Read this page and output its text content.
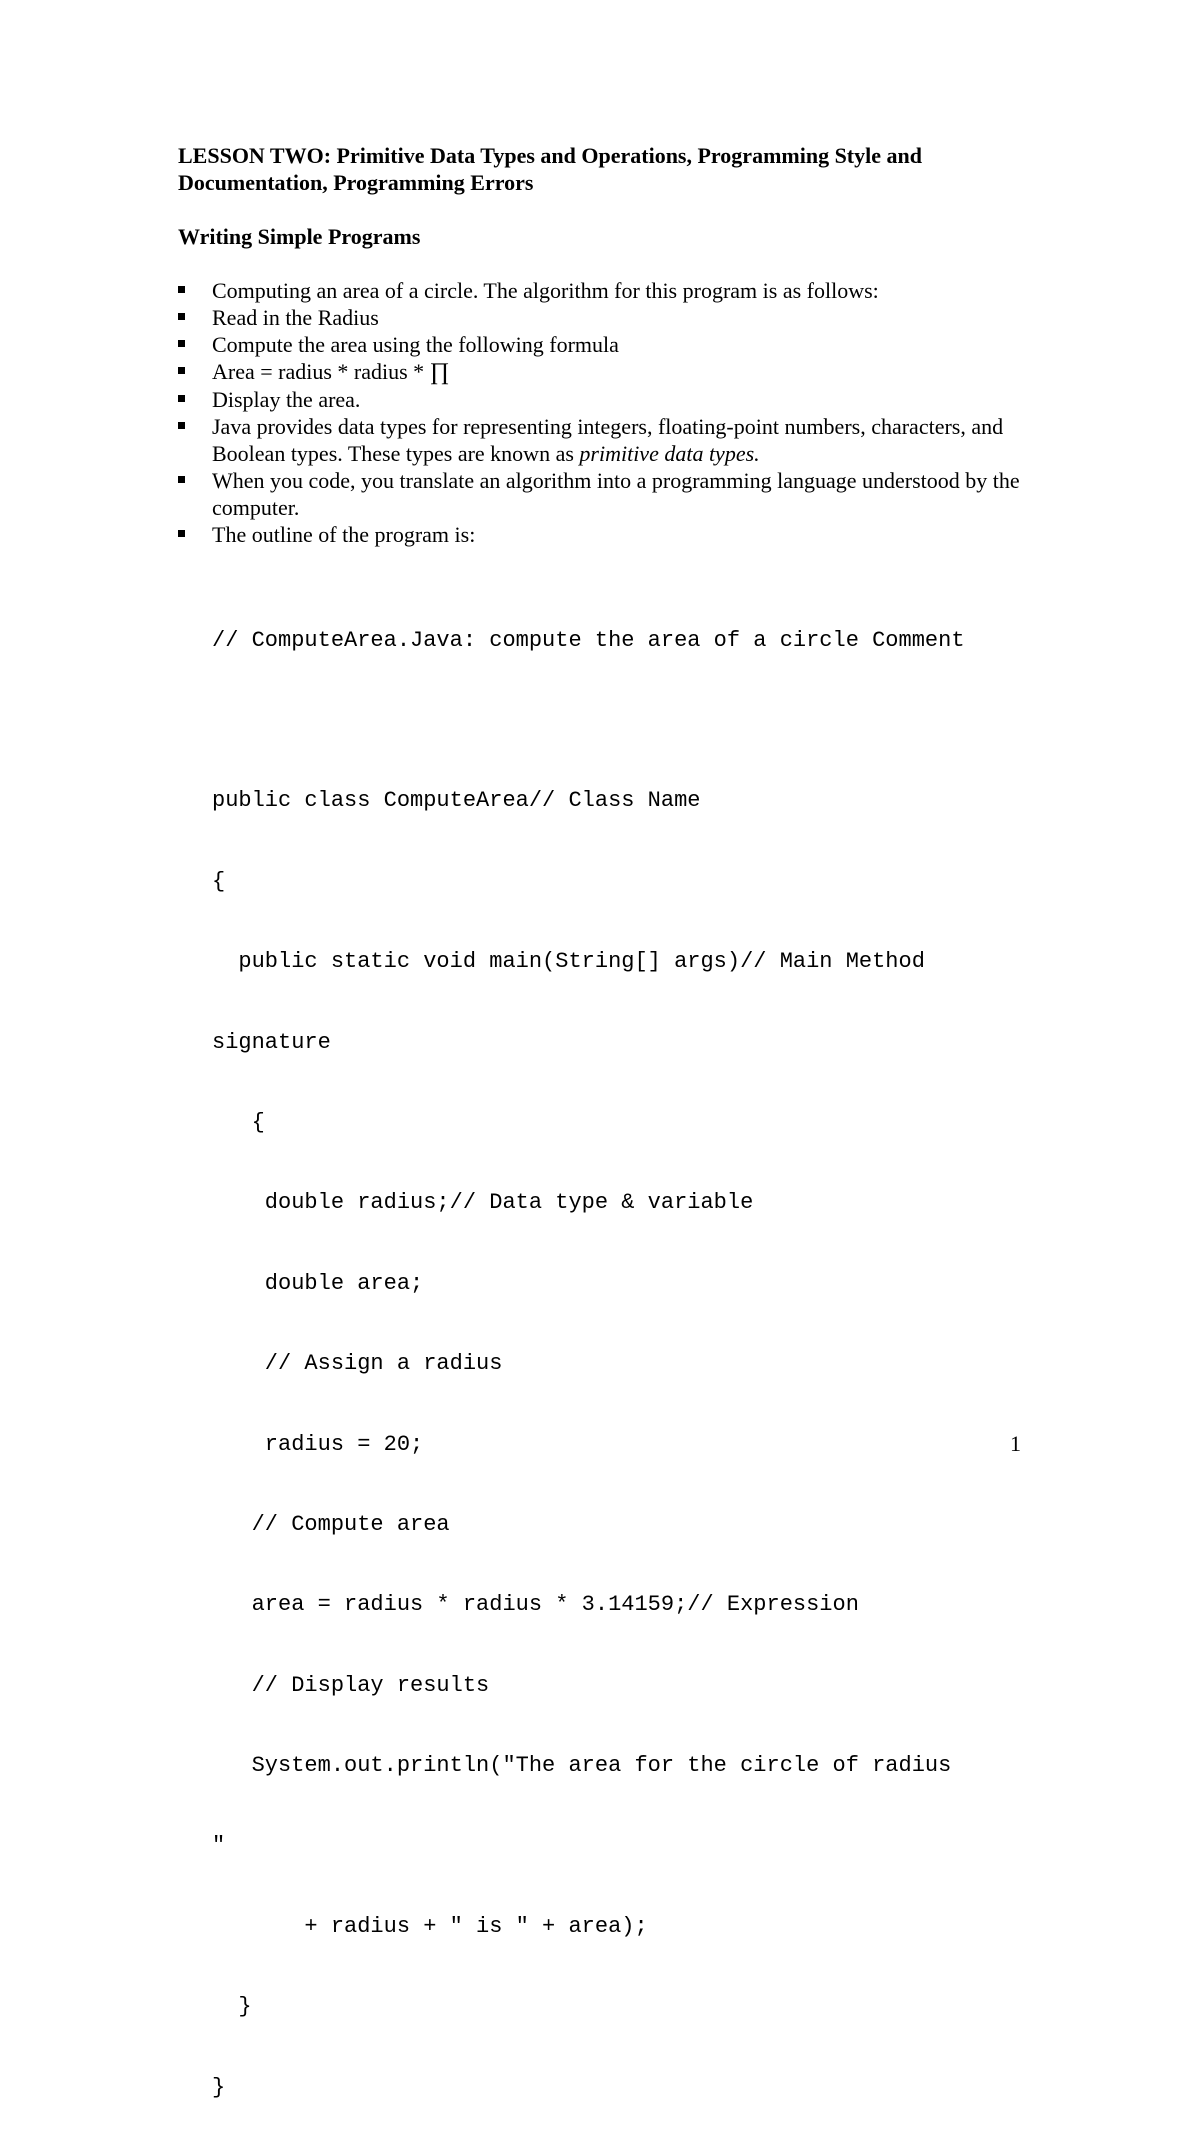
LESSON TWO: Primitive Data Types and Operations, Programming Style and Documentation, Programming Errors
Writing Simple Programs
Computing an area of a circle. The algorithm for this program is as follows:
Read in the Radius
Compute the area using the following formula
Area = radius * radius * ∏
Display the area.
Java provides data types for representing integers, floating-point numbers, characters, and Boolean types. These types are known as primitive data types.
When you code, you translate an algorithm into a programming language understood by the computer.
The outline of the program is:

// ComputeArea.Java: compute the area of a circle Comment

public class ComputeArea// Class Name

{

public static void main(String[] args)// Main Method

signature

{

double radius;// Data type & variable

double area;

// Assign a radius

radius = 20;

// Compute area

area = radius * radius * 3.14159;// Expression

// Display results

System.out.println("The area for the circle of radius

"

+ radius + " is " + area);

}

}

1
